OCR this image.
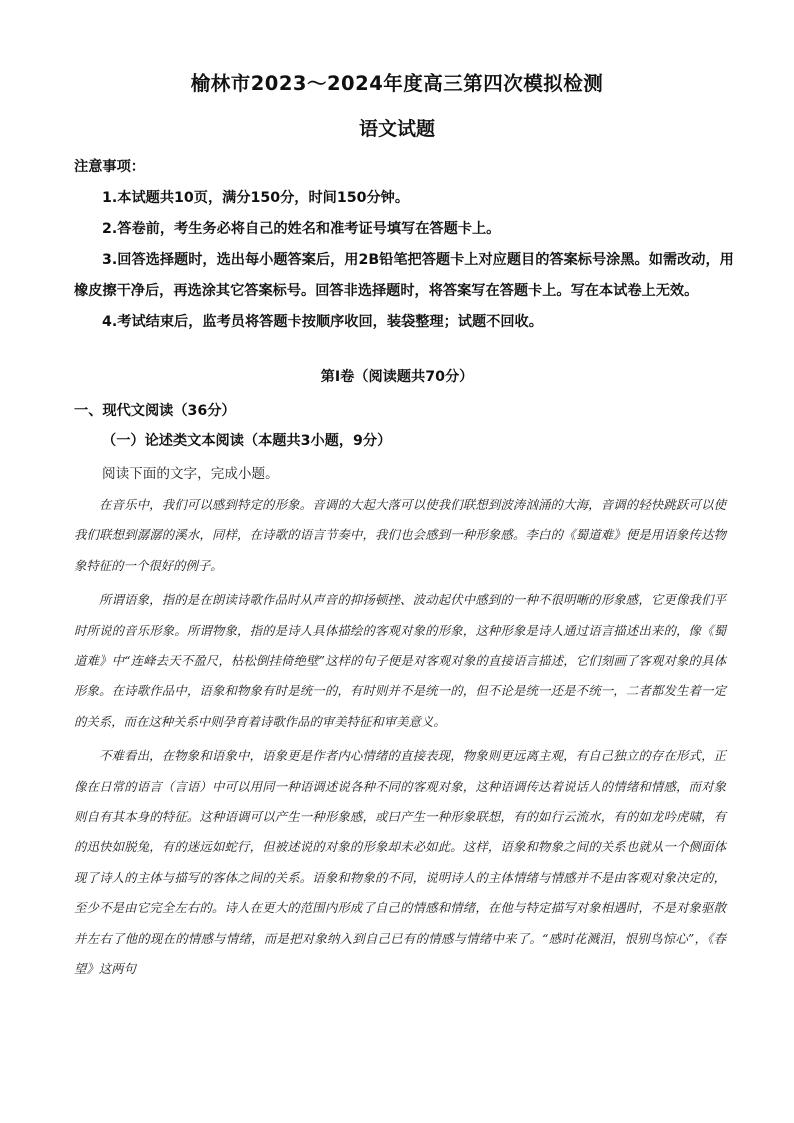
榆林市2023～2024年度高三第四次模拟检测
语文试题

注意事项：

1.本试题共10页，满分150分，时间150分钟。

2.答卷前，考生务必将自己的姓名和准考证号填写在答题卡上。

3.回答选择题时，选出每小题答案后，用2B铅笔把答题卡上对应题目的答案标号涂黑。如需改动，用橡皮擦干净后，再选涂其它答案标号。回答非选择题时，将答案写在答题卡上。写在本试卷上无效。

4.考试结束后，监考员将答题卡按顺序收回，装袋整理；试题不回收。

第Ⅰ卷（阅读题共70分）
一、现代文阅读（36分）
（一）论述类文本阅读（本题共3小题，9分）
阅读下面的文字，完成小题。

在音乐中，我们可以感到特定的形象。音调的大起大落可以使我们联想到波涛汹涌的大海，音调的轻快跳跃可以使我们联想到潺潺的溪水，同样，在诗歌的语言节奏中，我们也会感到一种形象感。李白的《蜀道难》便是用语象传达物象特征的一个很好的例子。

所谓语象，指的是在朗读诗歌作品时从声音的抑扬顿挫、波动起伏中感到的一种不很明晰的形象感，它更像我们平时所说的音乐形象。所谓物象，指的是诗人具体描绘的客观对象的形象，这种形象是诗人通过语言描述出来的，像《蜀道难》中“连峰去天不盈尺，枯松倒挂倚绝壁”这样的句子便是对客观对象的直接语言描述，它们刻画了客观对象的具体形象。在诗歌作品中，语象和物象有时是统一的，有时则并不是统一的，但不论是统一还是不统一，二者都发生着一定的关系，而在这种关系中则孕育着诗歌作品的审美特征和审美意义。

不难看出，在物象和语象中，语象更是作者内心情绪的直接表现，物象则更远离主观，有自己独立的存在形式，正像在日常的语言（言语）中可以用同一种语调述说各种不同的客观对象，这种语调传达着说话人的情绪和情感，而对象则自有其本身的特征。这种语调可以产生一种形象感，或曰产生一种形象联想，有的如行云流水，有的如龙吟虎啸，有的迅快如脱兔，有的迷远如蛇行，但被述说的对象的形象却未必如此。这样，语象和物象之间的关系也就从一个侧面体现了诗人的主体与描写的客体之间的关系。语象和物象的不同，说明诗人的主体情绪与情感并不是由客观对象决定的，至少不是由它完全左右的。诗人在更大的范围内形成了自己的情感和情绪，在他与特定描写对象相遇时，不是对象驱散并左右了他的现在的情感与情绪，而是把对象纳入到自己已有的情感与情绪中来了。“感时花溅泪，恨别鸟惊心”，《春望》这两句
